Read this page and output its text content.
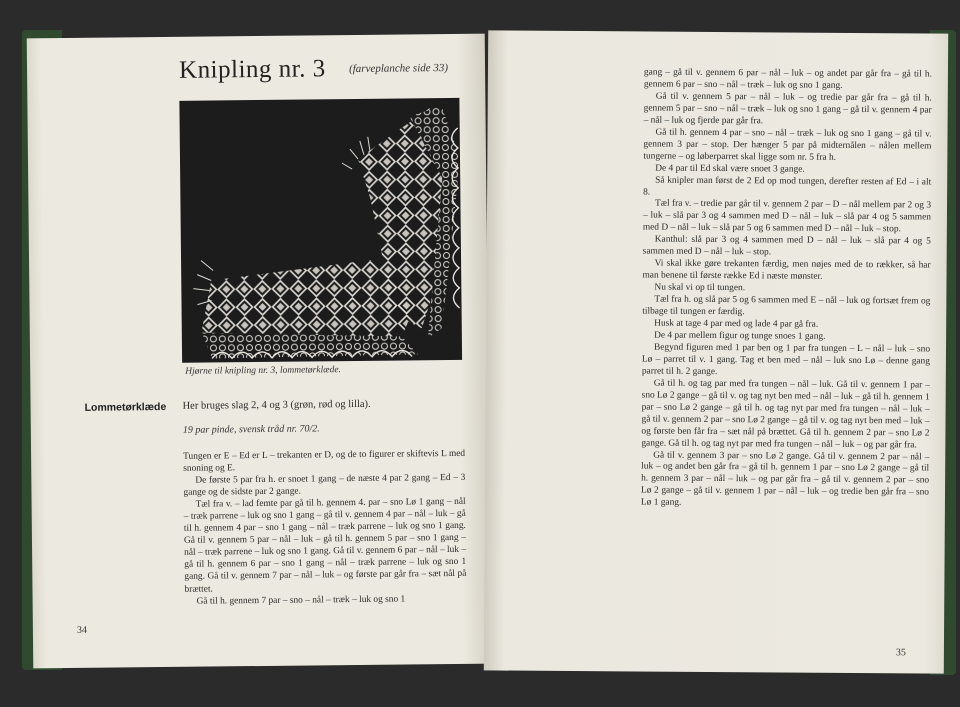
Knipling nr. 3 (farveplanche side 33)
Hjørne til knipling nr. 3, lommetørklæde.
Lommetørklæde Her bruges slag 2, 4 og 3 (grøn, rød og lilla).
19 par pinde, svensk tråd nr. 70/2.

Tungen er E – Ed er L – trekanten er D, og de to figurer er skiftevis L med snoning og E.

De første 5 par fra h. er snoet 1 gang – de næste 4 par 2 gang – Ed – 3 gange og de sidste par 2 gange.

Tæl fra v. – lad femte par gå til h. gennem 4. par – sno Lø 1 gang – nål – træk parrene – luk og sno 1 gang – gå til v. gennem 4 par – nål – luk – gå til h. gennem 4 par – sno 1 gang – nål – træk parrene – luk og sno 1 gang. Gå til v. gennem 5 par – nål – luk – gå til h. gennem 5 par – sno 1 gang – nål – træk parrene – luk og sno 1 gang. Gå til v. gennem 6 par – nål – luk – gå til h. gennem 6 par – sno 1 gang – nål – træk parrene – luk og sno 1 gang. Gå til v. gennem 7 par – nål – luk – og første par går fra – sæt nål på brættet.

Gå til h. gennem 7 par – sno – nål – træk – luk og sno 1

34

gang – gå til v. gennem 6 par – nål – luk – og andet par går fra – gå til h. gennem 6 par – sno – nål – træk – luk og sno 1 gang.

Gå til v. gennem 5 par – nål – luk – og tredie par går fra – gå til h. gennem 5 par – sno – nål – træk – luk og sno 1 gang – gå til v. gennem 4 par – nål – luk og fjerde par går fra.

Gå til h. gennem 4 par – sno – nål – træk – luk og sno 1 gang – gå til v. gennem 3 par – stop. Der hænger 5 par på midternålen – nålen mellem tungerne – og løberparret skal ligge som nr. 5 fra h.

De 4 par til Ed skal være snoet 3 gange.

Så knipler man først de 2 Ed op mod tungen, derefter resten af Ed – i alt 8.

Tæl fra v. – tredie par går til v. gennem 2 par – D – nål mellem par 2 og 3 – luk – slå par 3 og 4 sammen med D – nål – luk – slå par 4 og 5 sammen med D – nål – luk – slå par 5 og 6 sammen med D – nål – luk – stop.

Kanthul: slå par 3 og 4 sammen med D – nål – luk – slå par 4 og 5 sammen med D – nål – luk – stop.

Vi skal ikke gøre trekanten færdig, men nøjes med de to rækker, så har man benene til første række Ed i næste mønster.

Nu skal vi op til tungen.

Tæl fra h. og slå par 5 og 6 sammen med E – nål – luk og fortsæt frem og tilbage til tungen er færdig.

Husk at tage 4 par med og lade 4 par gå fra.

De 4 par mellem figur og tunge snoes 1 gang.

Begynd figuren med 1 par ben og 1 par fra tungen – L – nål – luk – sno Lø – parret til v. 1 gang. Tag et ben med – nål – luk sno Lø – denne gang parret til h. 2 gange.

Gå til h. og tag par med fra tungen – nål – luk. Gå til v. gennem 1 par – sno Lø 2 gange – gå til v. og tag nyt ben med – nål – luk – gå til h. gennem 1 par – sno Lø 2 gange – gå til h. og tag nyt par med fra tungen – nål – luk – gå til v. gennem 2 par – sno Lø 2 gange – gå til v. og tag nyt ben med – luk – og første ben får fra – sæt nål på brættet. Gå til h. gennem 2 par – sno Lø 2 gange. Gå til h. og tag nyt par med fra tungen – nål – luk – og par går fra.

Gå til v. gennem 3 par – sno Lø 2 gange. Gå til v. gennem 2 par – nål – luk – og andet ben går fra – gå til h. gennem 1 par – sno Lø 2 gange – gå til h. gennem 3 par – nål – luk – og par går fra – gå til v. gennem 2 par – sno Lø 2 gange – gå til v. gennem 1 par – nål – luk – og tredie ben går fra – sno Lø 1 gang.

35
